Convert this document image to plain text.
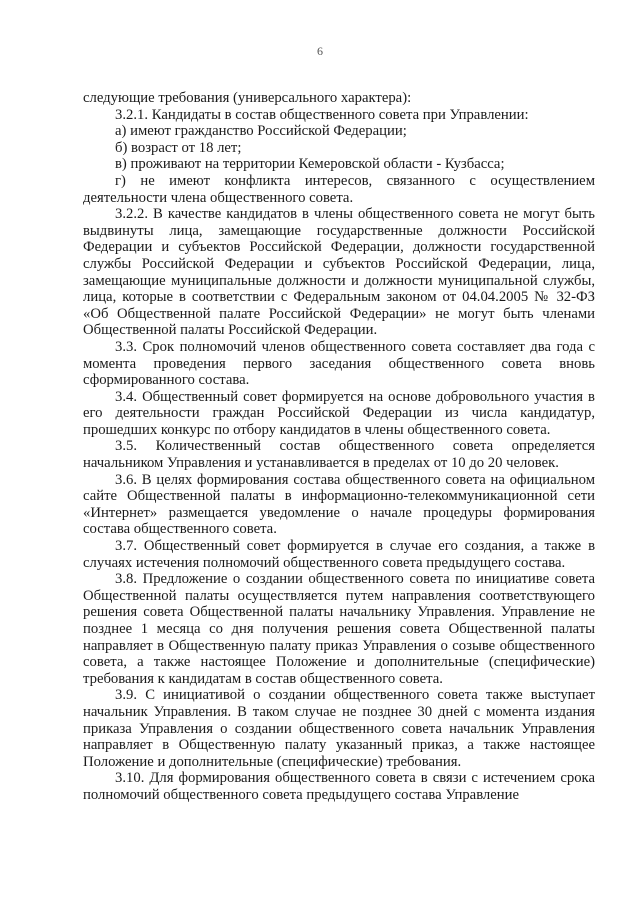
6

следующие требования (универсального характера):

3.2.1. Кандидаты в состав общественного совета при Управлении:

а) имеют гражданство Российской Федерации;

б) возраст от 18 лет;

в) проживают на территории Кемеровской области - Кузбасса;

г) не имеют конфликта интересов, связанного с осуществлением деятельности члена общественного совета.

3.2.2. В качестве кандидатов в члены общественного совета не могут быть выдвинуты лица, замещающие государственные должности Российской Федерации и субъектов Российской Федерации, должности государственной службы Российской Федерации и субъектов Российской Федерации, лица, замещающие муниципальные должности и должности муниципальной службы, лица, которые в соответствии с Федеральным законом от 04.04.2005 № 32-ФЗ «Об Общественной палате Российской Федерации» не могут быть членами Общественной палаты Российской Федерации.

3.3. Срок полномочий членов общественного совета составляет два года с момента проведения первого заседания общественного совета вновь сформированного состава.

3.4. Общественный совет формируется на основе добровольного участия в его деятельности граждан Российской Федерации из числа кандидатур, прошедших конкурс по отбору кандидатов в члены общественного совета.

3.5. Количественный состав общественного совета определяется начальником Управления и устанавливается в пределах от 10 до 20 человек.

3.6. В целях формирования состава общественного совета на официальном сайте Общественной палаты в информационно-телекоммуникационной сети «Интернет» размещается уведомление о начале процедуры формирования состава общественного совета.

3.7. Общественный совет формируется в случае его создания, а также в случаях истечения полномочий общественного совета предыдущего состава.

3.8. Предложение о создании общественного совета по инициативе совета Общественной палаты осуществляется путем направления соответствующего решения совета Общественной палаты начальнику Управления. Управление не позднее 1 месяца со дня получения решения совета Общественной палаты направляет в Общественную палату приказ Управления о созыве общественного совета, а также настоящее Положение и дополнительные (специфические) требования к кандидатам в состав общественного совета.

3.9. С инициативой о создании общественного совета также выступает начальник Управления. В таком случае не позднее 30 дней с момента издания приказа Управления о создании общественного совета начальник Управления направляет в Общественную палату указанный приказ, а также настоящее Положение и дополнительные (специфические) требования.

3.10. Для формирования общественного совета в связи с истечением срока полномочий общественного совета предыдущего состава Управление
